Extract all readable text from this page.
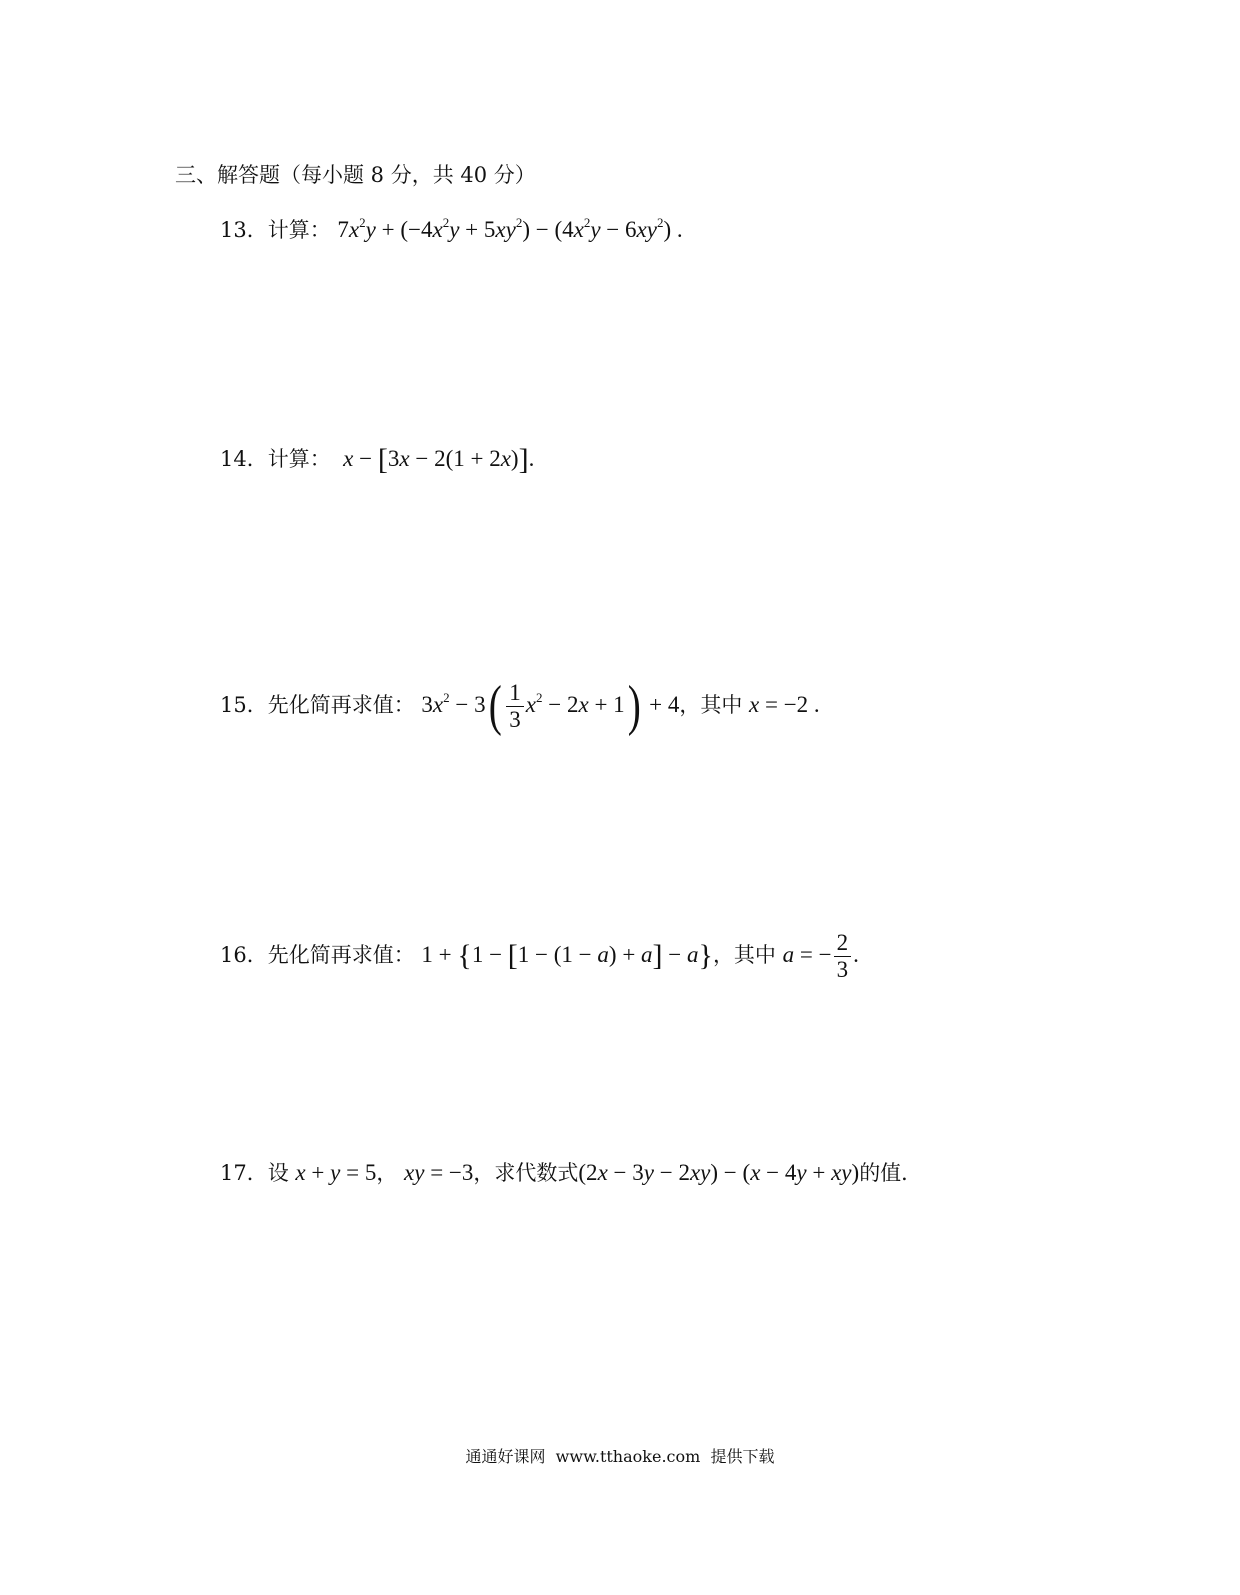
三、解答题（每小题 8 分，共 40 分）
13．计算： $7x^2y + (-4x^2y + 5xy^2) - (4x^2y - 6xy^2)$ .
14．计算： x − [3x − 2(1 + 2x)].
15．先化简再求值： $3x^2 - 3( \frac{1}{3} x^2 - 2x + 1) + 4$，其中 x = −2 .
16．先化简再求值： 1 + {1 − [1 − (1 − a) + a] − a}，其中 a = − $\frac{2}{3}$ .
17．设 x + y = 5， xy = −3，求代数式(2x − 3y − 2xy) − (x − 4y + xy)的值．
通通好课网  www.tthaoke.com  提供下载
